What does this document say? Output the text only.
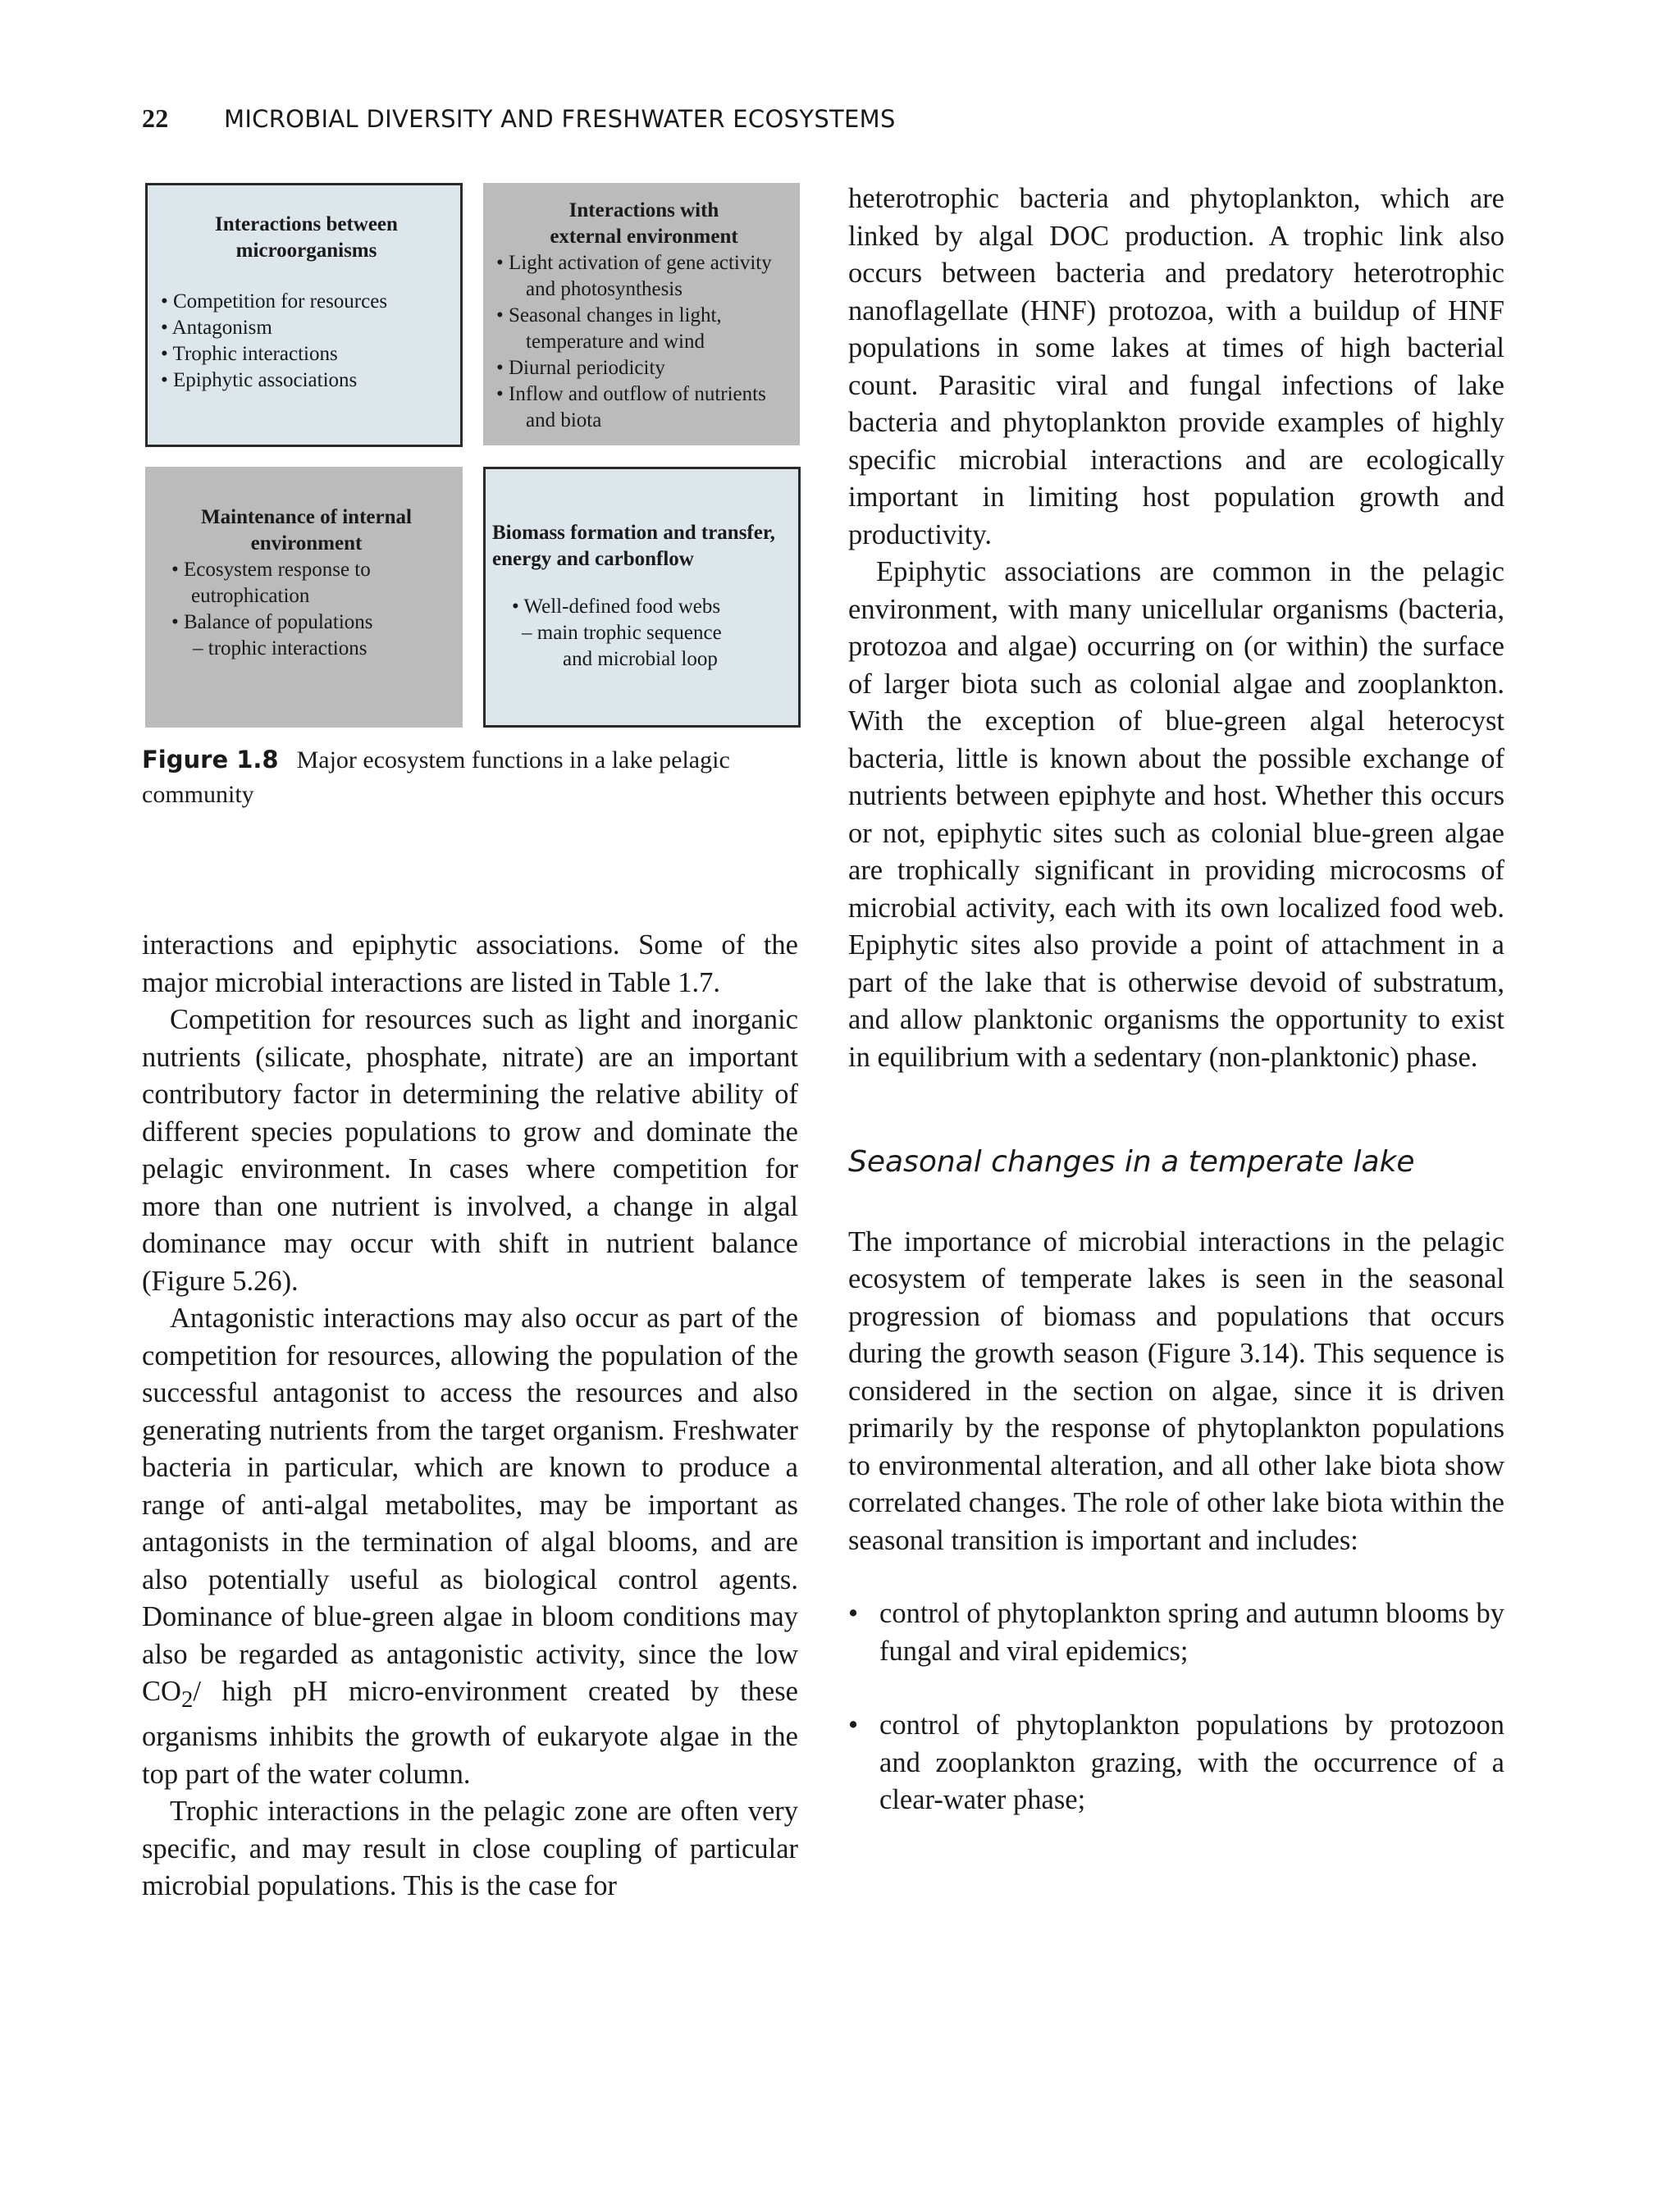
22 MICROBIAL DIVERSITY AND FRESHWATER ECOSYSTEMS
Interactions between
microorganisms
• Competition for resources
• Antagonism
• Trophic interactions
• Epiphytic associations
Interactions with
external environment
• Light activation of gene activity and photosynthesis
• Seasonal changes in light, temperature and wind
• Diurnal periodicity
• Inflow and outflow of nutrients and biota
Maintenance of internal
environment
• Ecosystem response to eutrophication
• Balance of populations
– trophic interactions
Biomass formation and transfer, energy and carbonflow
• Well-defined food webs
– main trophic sequence
and microbial loop
Figure 1.8 Major ecosystem functions in a lake pelagic community

interactions and epiphytic associations. Some of the major microbial interactions are listed in Table 1.7.

Competition for resources such as light and inorganic nutrients (silicate, phosphate, nitrate) are an important contributory factor in determining the relative ability of different species populations to grow and dominate the pelagic environment. In cases where competition for more than one nutrient is involved, a change in algal dominance may occur with shift in nutrient balance (Figure 5.26).

Antagonistic interactions may also occur as part of the competition for resources, allowing the population of the successful antagonist to access the resources and also generating nutrients from the target organism. Freshwater bacteria in particular, which are known to produce a range of anti-algal metabolites, may be important as antagonists in the termination of algal blooms, and are also potentially useful as biological control agents. Dominance of blue-green algae in bloom conditions may also be regarded as antagonistic activity, since the low $CO_2/$ high pH micro-environment created by these organisms inhibits the growth of eukaryote algae in the top part of the water column.

Trophic interactions in the pelagic zone are often very specific, and may result in close coupling of particular microbial populations. This is the case for

heterotrophic bacteria and phytoplankton, which are linked by algal DOC production. A trophic link also occurs between bacteria and predatory heterotrophic nanoflagellate (HNF) protozoa, with a buildup of HNF populations in some lakes at times of high bacterial count. Parasitic viral and fungal infections of lake bacteria and phytoplankton provide examples of highly specific microbial interactions and are ecologically important in limiting host population growth and productivity.

Epiphytic associations are common in the pelagic environment, with many unicellular organisms (bacteria, protozoa and algae) occurring on (or within) the surface of larger biota such as colonial algae and zooplankton. With the exception of blue-green algal heterocyst bacteria, little is known about the possible exchange of nutrients between epiphyte and host. Whether this occurs or not, epiphytic sites such as colonial blue-green algae are trophically significant in providing microcosms of microbial activity, each with its own localized food web. Epiphytic sites also provide a point of attachment in a part of the lake that is otherwise devoid of substratum, and allow planktonic organisms the opportunity to exist in equilibrium with a sedentary (non-planktonic) phase.

Seasonal changes in a temperate lake

The importance of microbial interactions in the pelagic ecosystem of temperate lakes is seen in the seasonal progression of biomass and populations that occurs during the growth season (Figure 3.14). This sequence is considered in the section on algae, since it is driven primarily by the response of phytoplankton populations to environmental alteration, and all other lake biota show correlated changes. The role of other lake biota within the seasonal transition is important and includes:

• control of phytoplankton spring and autumn blooms by fungal and viral epidemics;
• control of phytoplankton populations by protozoon and zooplankton grazing, with the occurrence of a clear-water phase;
